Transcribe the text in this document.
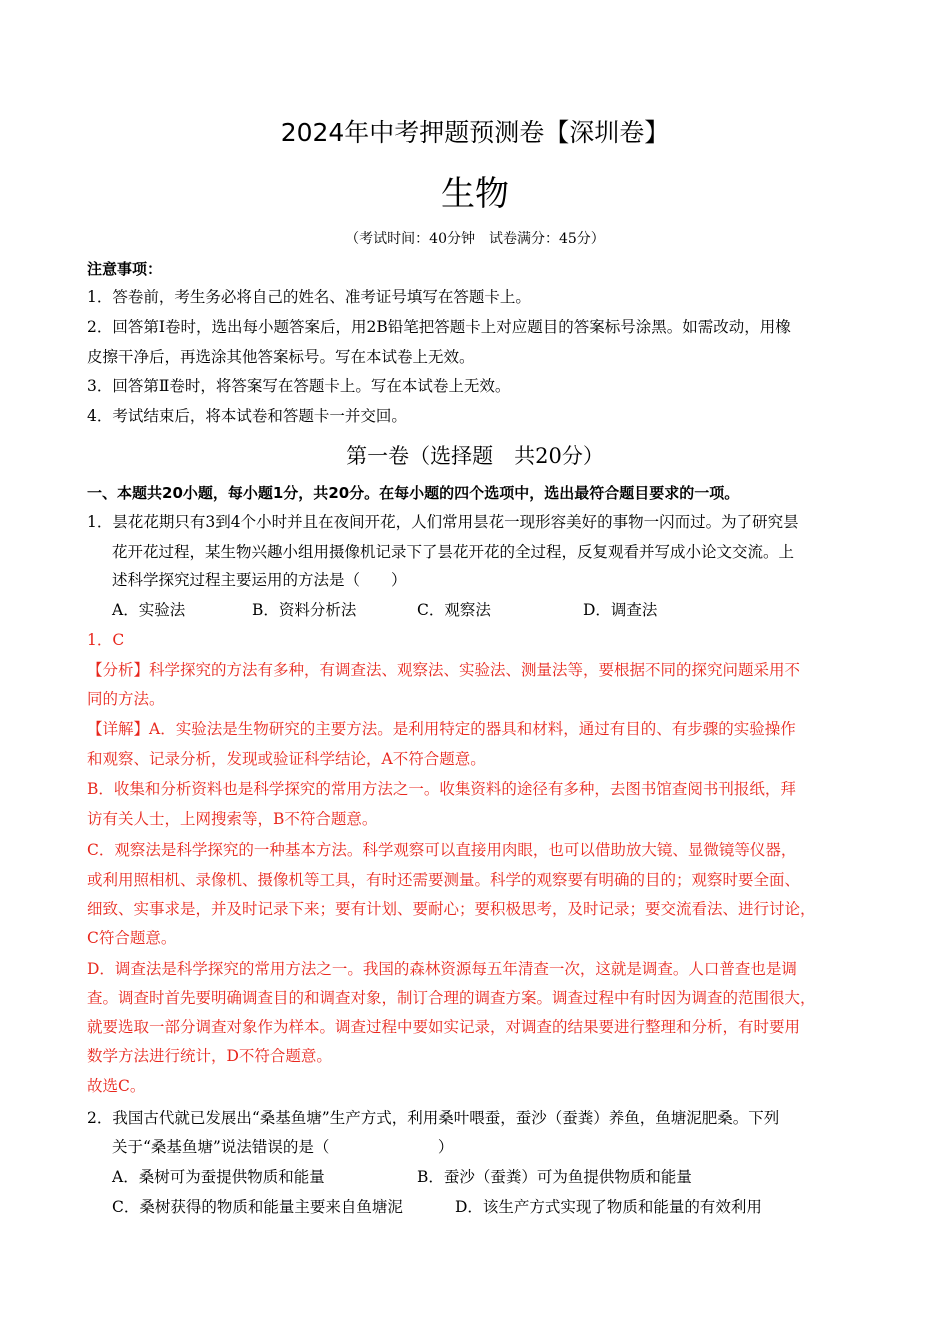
2024年中考押题预测卷【深圳卷】
生物
（考试时间：40分钟　试卷满分：45分）
注意事项：
1．答卷前，考生务必将自己的姓名、准考证号填写在答题卡上。
2．回答第Ⅰ卷时，选出每小题答案后，用2B铅笔把答题卡上对应题目的答案标号涂黑。如需改动，用橡
皮擦干净后，再选涂其他答案标号。写在本试卷上无效。
3．回答第Ⅱ卷时，将答案写在答题卡上。写在本试卷上无效。
4．考试结束后，将本试卷和答题卡一并交回。
第一卷（选择题　共20分）
一、本题共20小题，每小题1分，共20分。在每小题的四个选项中，选出最符合题目要求的一项。
1．昙花花期只有3到4个小时并且在夜间开花，人们常用昙花一现形容美好的事物一闪而过。为了研究昙
花开花过程，某生物兴趣小组用摄像机记录下了昙花开花的全过程，反复观看并写成小论文交流。上
述科学探究过程主要运用的方法是（　　）
A．实验法	B．资料分析法	C．观察法	D．调查法
1．C
【分析】科学探究的方法有多种，有调查法、观察法、实验法、测量法等，要根据不同的探究问题采用不
同的方法。
【详解】A．实验法是生物研究的主要方法。是利用特定的器具和材料，通过有目的、有步骤的实验操作
和观察、记录分析，发现或验证科学结论，A不符合题意。
B．收集和分析资料也是科学探究的常用方法之一。收集资料的途径有多种，去图书馆查阅书刊报纸，拜
访有关人士，上网搜索等，B不符合题意。
C．观察法是科学探究的一种基本方法。科学观察可以直接用肉眼，也可以借助放大镜、显微镜等仪器，
或利用照相机、录像机、摄像机等工具，有时还需要测量。科学的观察要有明确的目的；观察时要全面、
细致、实事求是，并及时记录下来；要有计划、要耐心；要积极思考，及时记录；要交流看法、进行讨论，
C符合题意。
D．调查法是科学探究的常用方法之一。我国的森林资源每五年清查一次，这就是调查。人口普查也是调
查。调查时首先要明确调查目的和调查对象，制订合理的调查方案。调查过程中有时因为调查的范围很大，
就要选取一部分调查对象作为样本。调查过程中要如实记录，对调查的结果要进行整理和分析，有时要用
数学方法进行统计，D不符合题意。
故选C。
2．我国古代就已发展出“桑基鱼塘”生产方式，利用桑叶喂蚕，蚕沙（蚕粪）养鱼，鱼塘泥肥桑。下列
关于“桑基鱼塘”说法错误的是（　　　　　　　）
A．桑树可为蚕提供物质和能量	B．蚕沙（蚕粪）可为鱼提供物质和能量
C．桑树获得的物质和能量主要来自鱼塘泥	D．该生产方式实现了物质和能量的有效利用
